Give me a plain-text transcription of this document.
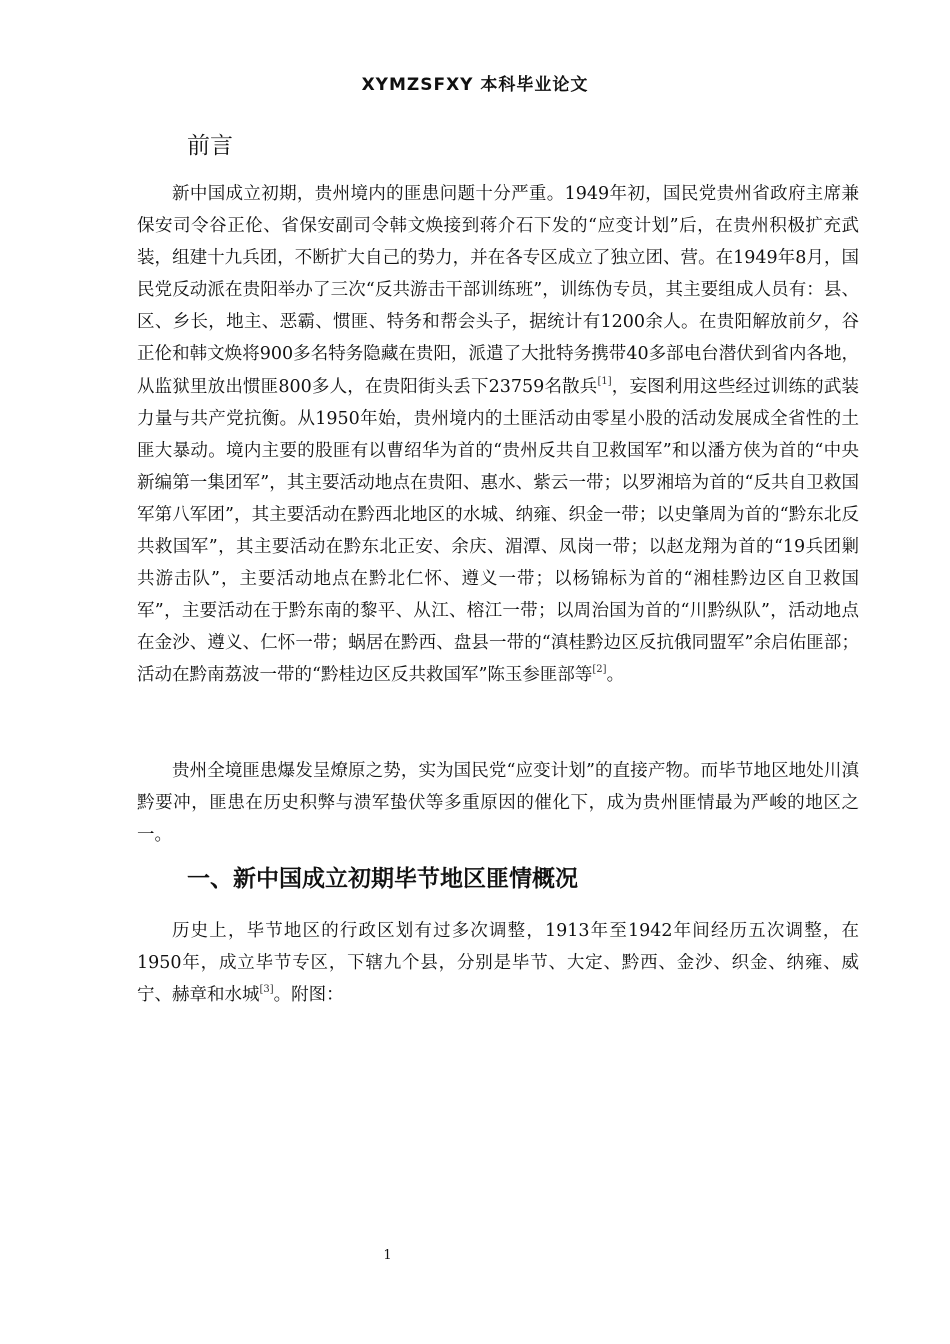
XYMZSFXY 本科毕业论文
前言

新中国成立初期，贵州境内的匪患问题十分严重。1949年初，国民党贵州省政府主席兼保安司令谷正伦、省保安副司令韩文焕接到蒋介石下发的“应变计划”后，在贵州积极扩充武装，组建十九兵团，不断扩大自己的势力，并在各专区成立了独立团、营。在1949年8月，国民党反动派在贵阳举办了三次“反共游击干部训练班”，训练伪专员，其主要组成人员有：县、区、乡长，地主、恶霸、惯匪、特务和帮会头子，据统计有1200余人。在贵阳解放前夕，谷正伦和韩文焕将900多名特务隐藏在贵阳，派遣了大批特务携带40多部电台潜伏到省内各地，从监狱里放出惯匪800多人，在贵阳街头丢下23759名散兵[1]，妄图利用这些经过训练的武装力量与共产党抗衡。从1950年始，贵州境内的土匪活动由零星小股的活动发展成全省性的土匪大暴动。境内主要的股匪有以曹绍华为首的“贵州反共自卫救国军”和以潘方侠为首的“中央新编第一集团军”，其主要活动地点在贵阳、惠水、紫云一带；以罗湘培为首的“反共自卫救国军第八军团”，其主要活动在黔西北地区的水城、纳雍、织金一带；以史肇周为首的“黔东北反共救国军”，其主要活动在黔东北正安、余庆、湄潭、凤岗一带；以赵龙翔为首的“19兵团剿共游击队”，主要活动地点在黔北仁怀、遵义一带；以杨锦标为首的“湘桂黔边区自卫救国军”，主要活动在于黔东南的黎平、从江、榕江一带；以周治国为首的“川黔纵队”，活动地点在金沙、遵义、仁怀一带；蜗居在黔西、盘县一带的“滇桂黔边区反抗俄同盟军”余启佑匪部；活动在黔南荔波一带的“黔桂边区反共救国军”陈玉参匪部等[2]。

贵州全境匪患爆发呈燎原之势，实为国民党“应变计划”的直接产物。而毕节地区地处川滇黔要冲，匪患在历史积弊与溃军蛰伏等多重原因的催化下，成为贵州匪情最为严峻的地区之一。

一、新中国成立初期毕节地区匪情概况

历史上，毕节地区的行政区划有过多次调整，1913年至1942年间经历五次调整，在1950年，成立毕节专区，下辖九个县，分别是毕节、大定、黔西、金沙、织金、纳雍、威宁、赫章和水城[3]。附图：

1
